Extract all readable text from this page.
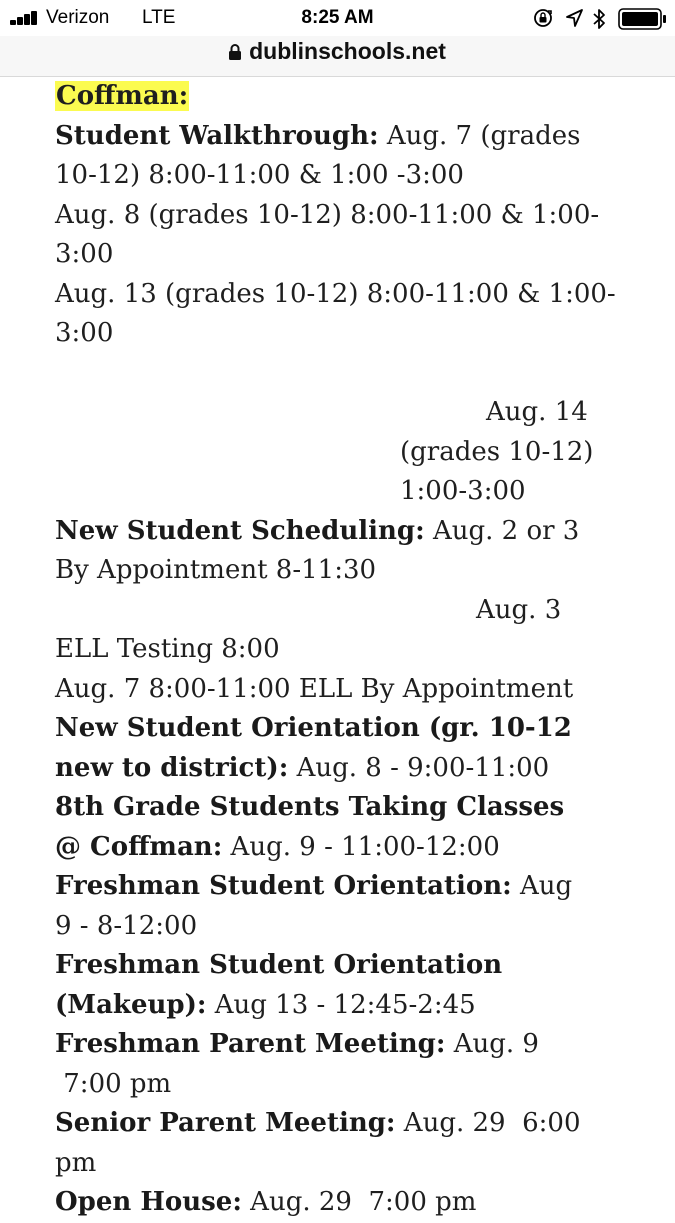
Verizon LTE	8:25 AM
dublinschools.net
Coffman:
Student Walkthrough: Aug. 7 (grades
10-12) 8:00-11:00 & 1:00 -3:00
Aug. 8 (grades 10-12) 8:00-11:00 & 1:00-
3:00
Aug. 13 (grades 10-12) 8:00-11:00 & 1:00-
3:00
Aug. 14
(grades 10-12)
1:00-3:00
New Student Scheduling: Aug. 2 or 3
By Appointment 8-11:30
Aug. 3
ELL Testing 8:00
Aug. 7 8:00-11:00 ELL By Appointment
New Student Orientation (gr. 10-12
new to district): Aug. 8 - 9:00-11:00
8th Grade Students Taking Classes
@ Coffman: Aug. 9 - 11:00-12:00
Freshman Student Orientation: Aug
9 - 8-12:00
Freshman Student Orientation
(Makeup): Aug 13 - 12:45-2:45
Freshman Parent Meeting: Aug. 9
7:00 pm
Senior Parent Meeting: Aug. 29  6:00
pm
Open House: Aug. 29  7:00 pm
